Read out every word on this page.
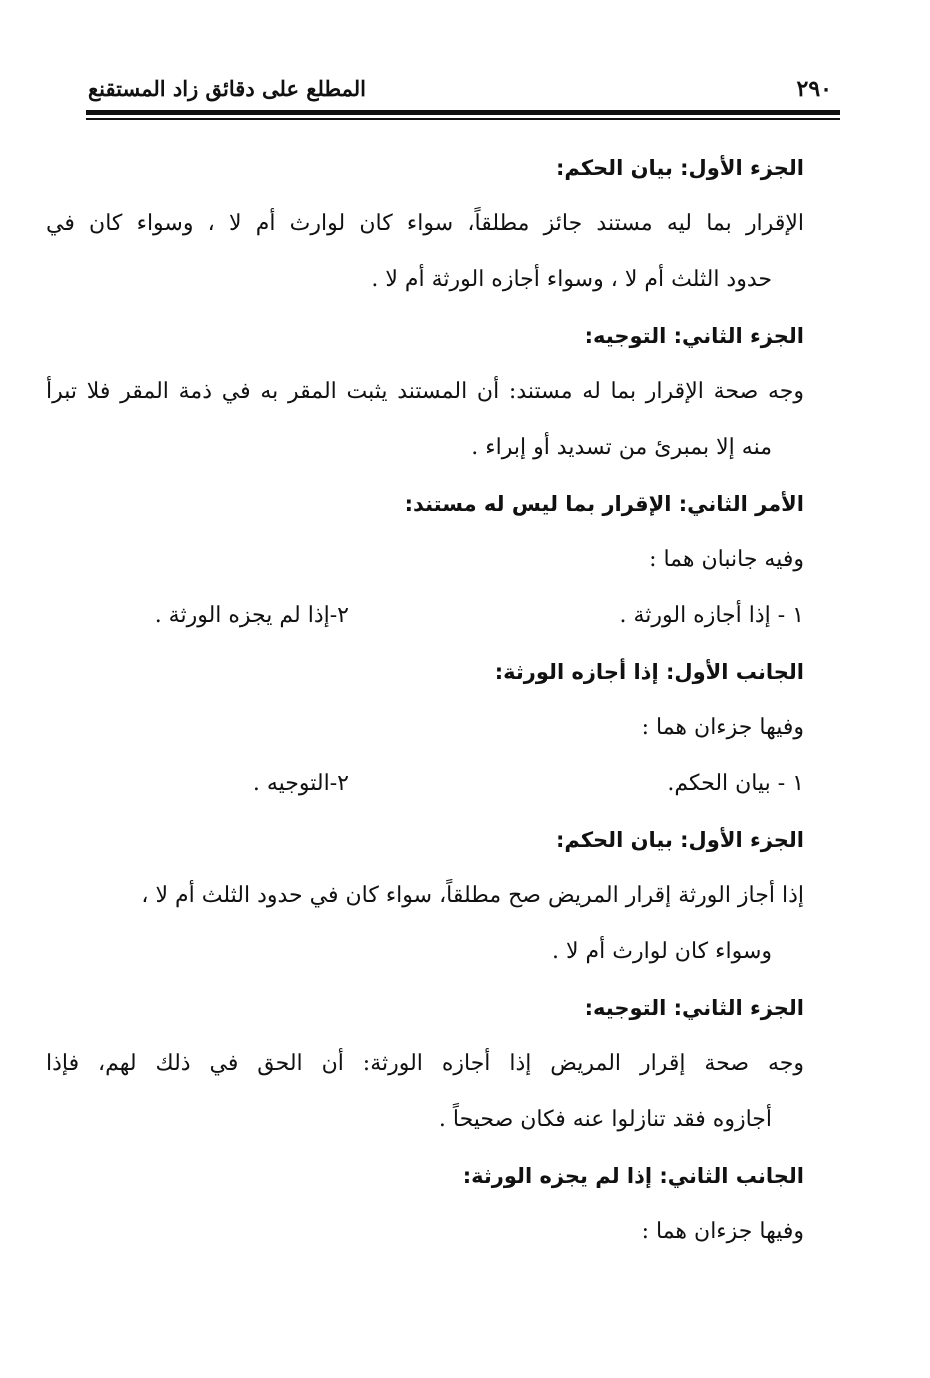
٢٩٠
المطلع على دقائق زاد المستقنع
الجزء الأول: بيان الحكم:
الإقرار بما ليه مستند جائز مطلقاً، سواء كان لوارث أم لا ، وسواء كان في
حدود الثلث أم لا ، وسواء أجازه الورثة أم لا .
الجزء الثاني: التوجيه:
وجه صحة الإقرار بما له مستند: أن المستند يثبت المقر به في ذمة المقر فلا تبرأ
منه إلا بمبرئ من تسديد أو إبراء .
الأمر الثاني: الإقرار بما ليس له مستند:
وفيه جانبان هما :
١ - إذا أجازه الورثة .
٢-إذا لم يجزه الورثة .
الجانب الأول: إذا أجازه الورثة:
وفيها جزءان هما :
١ - بيان الحكم.
٢-التوجيه .
الجزء الأول: بيان الحكم:
إذا أجاز الورثة إقرار المريض صح مطلقاً، سواء كان في حدود الثلث أم لا ،
وسواء كان لوارث أم لا .
الجزء الثاني: التوجيه:
وجه صحة إقرار المريض إذا أجازه الورثة: أن الحق في ذلك لهم، فإذا
أجازوه فقد تنازلوا عنه فكان صحيحاً .
الجانب الثاني: إذا لم يجزه الورثة:
وفيها جزءان هما :
